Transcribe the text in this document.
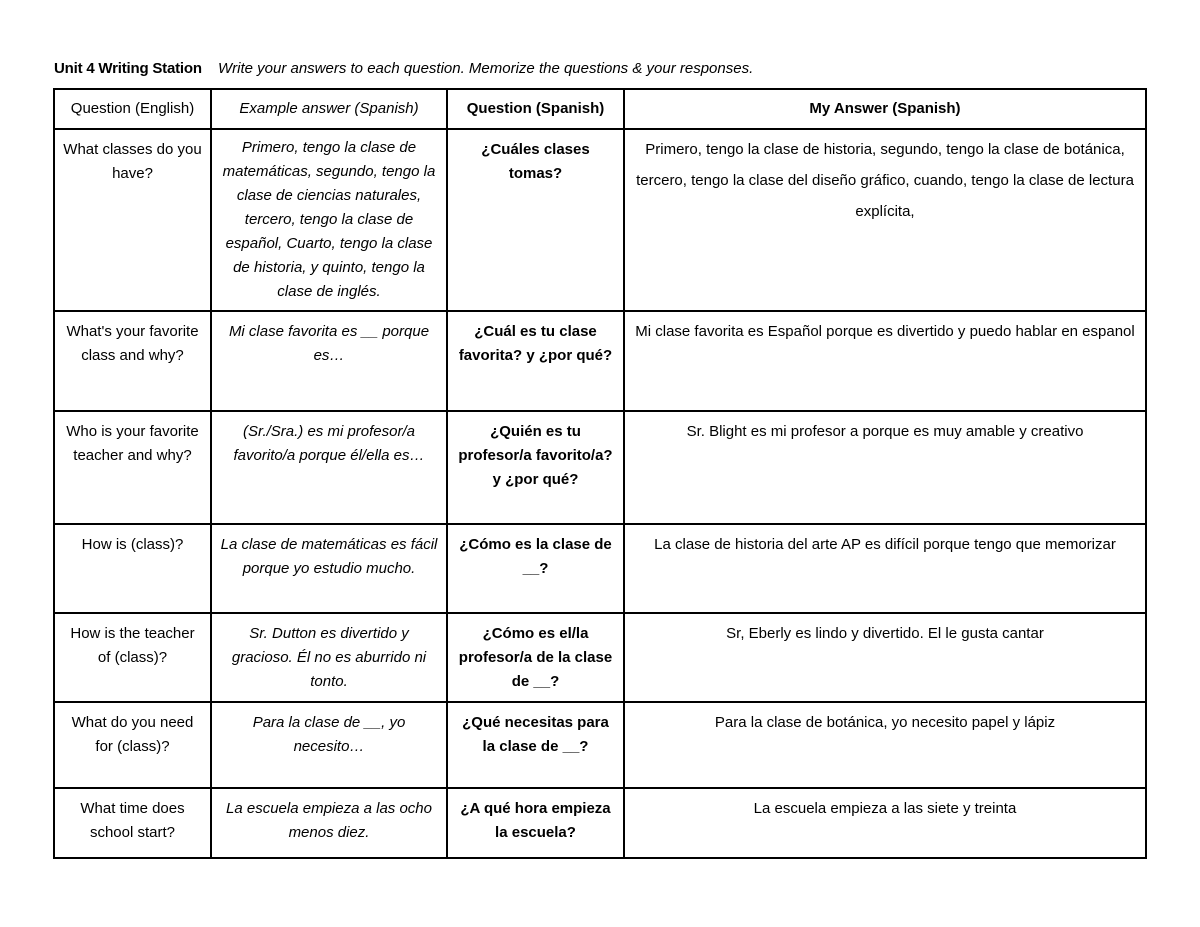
Unit 4 Writing Station Write your answers to each question. Memorize the questions & your responses.
Question (English)	Example answer (Spanish)	Question (Spanish)	My Answer (Spanish)
What classes do you have?	Primero, tengo la clase de matemáticas, segundo, tengo la clase de ciencias naturales, tercero, tengo la clase de español, Cuarto, tengo la clase de historia, y quinto, tengo la clase de inglés.	¿Cuáles clases tomas?	Primero, tengo la clase de historia, segundo, tengo la clase de botánica, tercero, tengo la clase del diseño gráfico, cuando, tengo la clase de lectura explícita,
What's your favorite class and why?	Mi clase favorita es __ porque es…	¿Cuál es tu clase favorita? y ¿por qué?	Mi clase favorita es Español porque es divertido y puedo hablar en espanol
Who is your favorite teacher and why?	(Sr./Sra.) es mi profesor/a favorito/a porque él/ella es…	¿Quién es tu profesor/a favorito/a? y ¿por qué?	Sr. Blight es mi profesor a porque es muy amable y creativo
How is (class)?	La clase de matemáticas es fácil porque yo estudio mucho.	¿Cómo es la clase de __?	La clase de historia del arte AP es difícil porque tengo que memorizar
How is the teacher of (class)?	Sr. Dutton es divertido y gracioso. Él no es aburrido ni tonto.	¿Cómo es el/la profesor/a de la clase de __?	Sr, Eberly es lindo y divertido. El le gusta cantar
What do you need for (class)?	Para la clase de __, yo necesito…	¿Qué necesitas para la clase de __?	Para la clase de botánica, yo necesito papel y lápiz
What time does school start?	La escuela empieza a las ocho menos diez.	¿A qué hora empieza la escuela?	La escuela empieza a las siete y treinta
